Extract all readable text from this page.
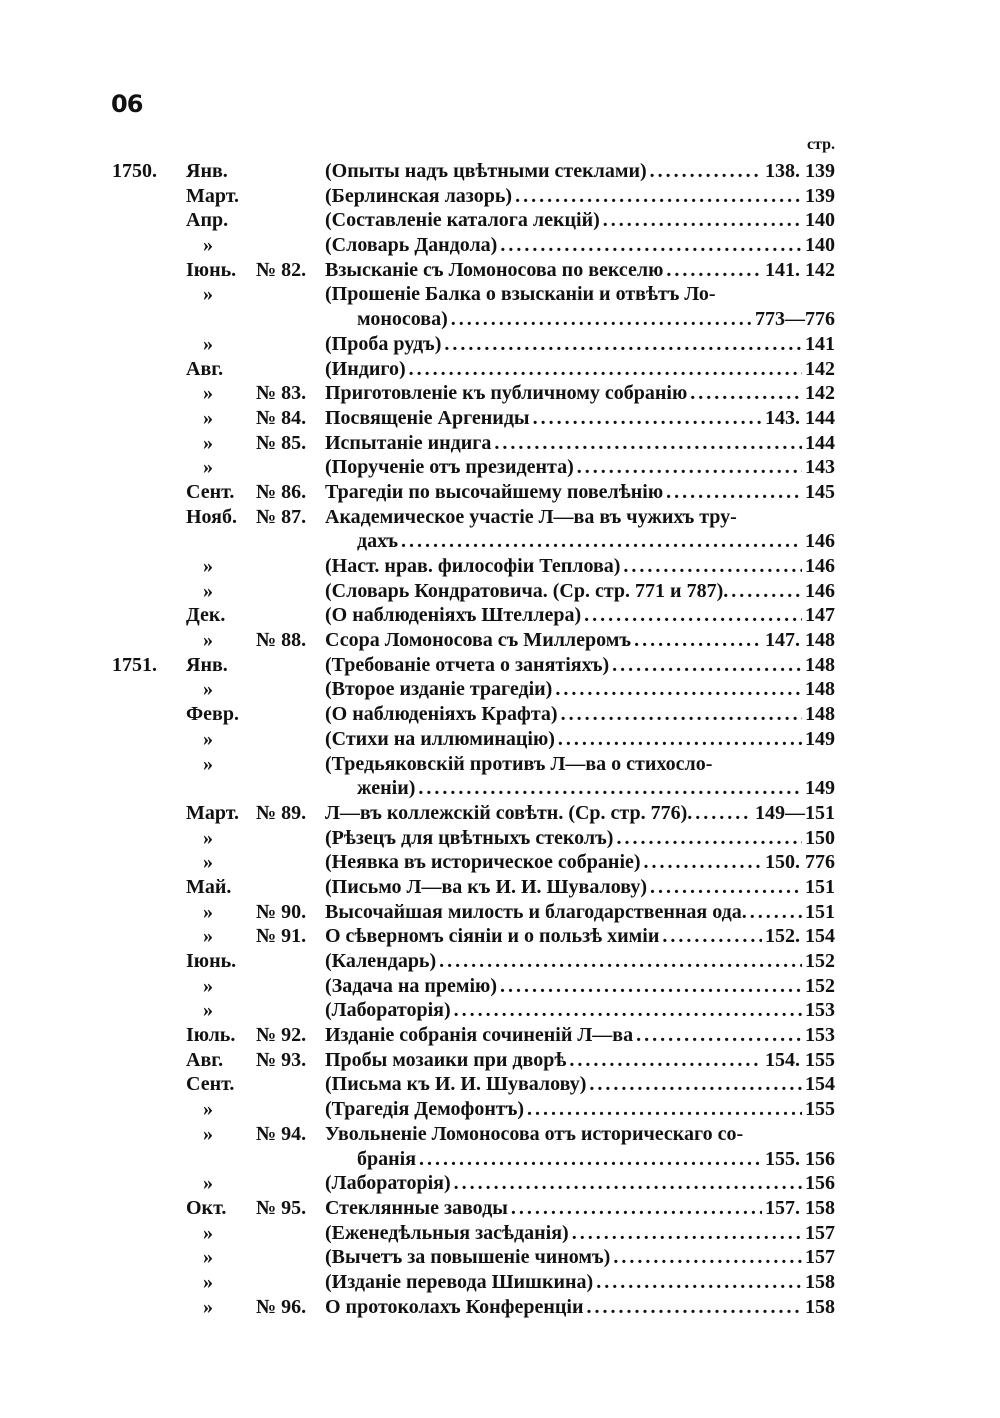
06
стр.
1750.	Янв.	(Опыты надъ цвѣтными стеклами) .....	138. 139
Март.	(Берлинская лазорь) .....	139
Апр.	(Составленіе каталога лекцій) .....	140
»	(Словарь Дандола) .....	140
Іюнь. № 82. Взысканіе съ Ломоносова по векселю .....	141. 142
»	(Прошеніе Балка о взысканіи и отвѣтъ Ло-
моносова) .....	773—776
»	(Проба рудъ) .....	141
Авг.	(Индиго) .....	142
»	№ 83. Приготовленіе къ публичному собранію .....	142
»	№ 84. Посвященіе Аргениды .....	143. 144
»	№ 85. Испытаніе индига .....	144
»	(Порученіе отъ президента) .....	143
Сент.	№ 86. Трагедіи по высочайшему повелѣнію .....	145
Нояб. № 87. Академическое участіе Л—ва въ чужихъ тру-
дахъ .....	146
»	(Наст. нрав. философіи Теплова) .....	146
»	(Словарь Кондратовича. (Ср. стр. 771 и 787). .....	146
Дек.	(О наблюденіяхъ Штеллера) .....	147
»	№ 88. Ссора Ломоносова съ Миллеромъ .....	147. 148
1751.	Янв.	(Требованіе отчета о занятіяхъ) .....	148
»	(Второе изданіе трагедіи) .....	148
Февр.	(О наблюденіяхъ Крафта) .....	148
»	(Стихи на иллюминацію) .....	149
»	(Тредьяковскій противъ Л—ва о стихосло-
женіи) .....	149
Март. № 89. Л—въ коллежскій совѣтн. (Ср. стр. 776). .....	149—151
»	(Рѣзецъ для цвѣтныхъ стеколъ) .....	150
»	(Неявка въ историческое собраніе) .....	150. 776
Май.	(Письмо Л—ва къ И. И. Шувалову) .....	151
»	№ 90. Высочайшая милость и благодарственная ода. .....	151
»	№ 91. О сѣверномъ сіяніи и о пользѣ химіи .....	152. 154
Іюнь.	(Календарь) .....	152
»	(Задача на премію) .....	152
»	(Лабораторія) .....	153
Іюль.	№ 92. Изданіе собранія сочиненій Л—ва .....	153
Авг.	№ 93. Пробы мозаики при дворѣ .....	154. 155
Сент.	(Письма къ И. И. Шувалову) .....	154
»	(Трагедія Демофонтъ) .....	155
»	№ 94. Увольненіе Ломоносова отъ историческаго со-
бранія .....	155. 156
»	(Лабораторія) .....	156
Окт.	№ 95. Стеклянные заводы .....	157. 158
»	(Еженедѣльныя засѣданія) .....	157
»	(Вычетъ за повышеніе чиномъ) .....	157
»	(Изданіе перевода Шишкина) .....	158
»	№ 96. О протоколахъ Конференціи .....	158
